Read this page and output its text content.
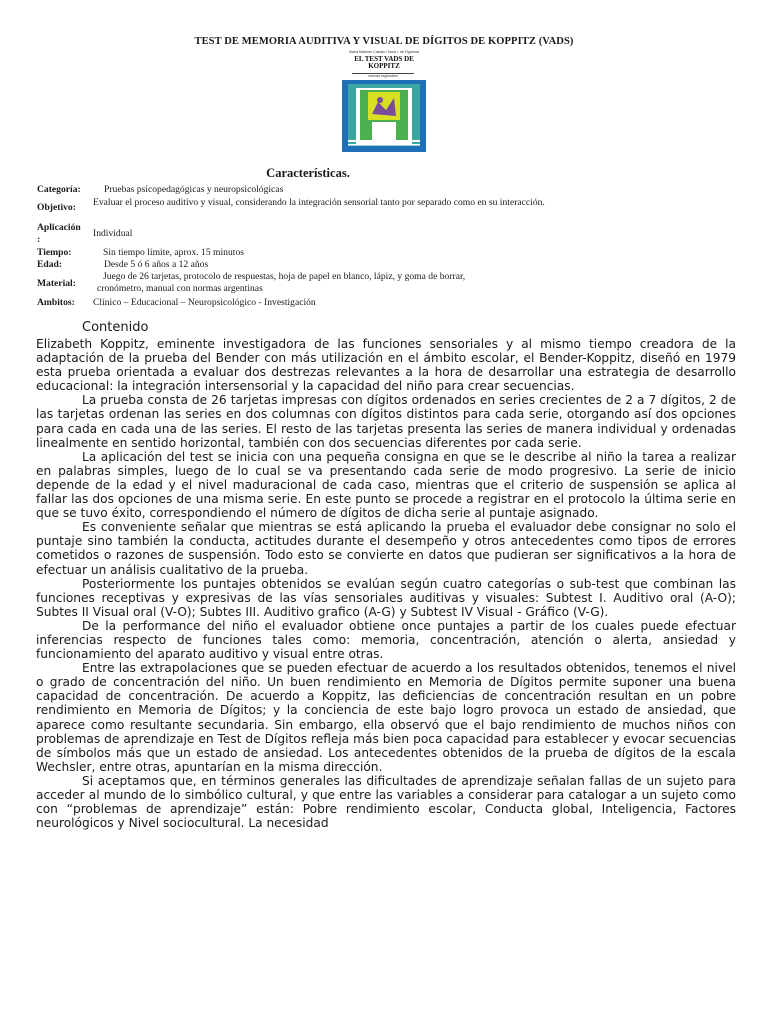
TEST DE MEMORIA AUDITIVA Y VISUAL DE DÍGITOS DE KOPPITZ (VADS)
María Marlene Casullo / Nora I. de Figueroa
EL TEST VADS DE
KOPPITZ
normas regionales
Características.
Categoría: Pruebas psicopedagógicas y neuropsicológicas
Objetivo: Evaluar el proceso auditivo y visual, considerando la integración sensorial tanto por separado como en su interacción.
Aplicación
:
Individual
Tiempo:	Sin tiempo límite, aprox. 15 minutos
Edad:	Desde 5 ó 6 años a 12 años
Material:
Juego de 26 tarjetas, protocolo de respuestas, hoja de papel en blanco, lápiz, y goma de borrar,
cronómetro, manual con normas argentinas
Ambitos: Clínico – Educacional – Neuropsicológico - Investigación
Contenido

Elizabeth Koppitz, eminente investigadora de las funciones sensoriales y al mismo tiempo creadora de la adaptación de la prueba del Bender con más utilización en el ámbito escolar, el Bender-Koppitz, diseñó en 1979 esta prueba orientada a evaluar dos destrezas relevantes a la hora de desarrollar una estrategia de desarrollo educacional: la integración intersensorial y la capacidad del niño para crear secuencias.

La prueba consta de 26 tarjetas impresas con dígitos ordenados en series crecientes de 2 a 7 dígitos, 2 de las tarjetas ordenan las series en dos columnas con dígitos distintos para cada serie, otorgando así dos opciones para cada en cada una de las series. El resto de las tarjetas presenta las series de manera individual y ordenadas linealmente en sentido horizontal, también con dos secuencias diferentes por cada serie.

La aplicación del test se inicia con una pequeña consigna en que se le describe al niño la tarea a realizar en palabras simples, luego de lo cual se va presentando cada serie de modo progresivo. La serie de inicio depende de la edad y el nivel maduracional de cada caso, mientras que el criterio de suspensión se aplica al fallar las dos opciones de una misma serie. En este punto se procede a registrar en el protocolo la última serie en que se tuvo éxito, correspondiendo el número de dígitos de dicha serie al puntaje asignado.

Es conveniente señalar que mientras se está aplicando la prueba el evaluador debe consignar no solo el puntaje sino también la conducta, actitudes durante el desempeño y otros antecedentes como tipos de errores cometidos o razones de suspensión. Todo esto se convierte en datos que pudieran ser significativos a la hora de efectuar un análisis cualitativo de la prueba.

Posteriormente los puntajes obtenidos se evalúan según cuatro categorías o sub-test que combinan las funciones receptivas y expresivas de las vías sensoriales auditivas y visuales: Subtest I. Auditivo oral (A-O); Subtes II Visual oral (V-O); Subtes III. Auditivo grafico (A-G) y Subtest IV Visual - Gráfico (V-G).

De la performance del niño el evaluador obtiene once puntajes a partir de los cuales puede efectuar inferencias respecto de funciones tales como: memoria, concentración, atención o alerta, ansiedad y funcionamiento del aparato auditivo y visual entre otras.

Entre las extrapolaciones que se pueden efectuar de acuerdo a los resultados obtenidos, tenemos el nivel o grado de concentración del niño. Un buen rendimiento en Memoria de Dígitos permite suponer una buena capacidad de concentración. De acuerdo a Koppitz, las deficiencias de concentración resultan en un pobre rendimiento en Memoria de Dígitos; y la conciencia de este bajo logro provoca un estado de ansiedad, que aparece como resultante secundaria. Sin embargo, ella observó que el bajo rendimiento de muchos niños con problemas de aprendizaje en Test de Dígitos refleja más bien poca capacidad para establecer y evocar secuencias de símbolos más que un estado de ansiedad. Los antecedentes obtenidos de la prueba de dígitos de la escala Wechsler, entre otras, apuntarían en la misma dirección.

Si aceptamos que, en términos generales las dificultades de aprendizaje señalan fallas de un sujeto para acceder al mundo de lo simbólico cultural, y que entre las variables a considerar para catalogar a un sujeto como con “problemas de aprendizaje” están: Pobre rendimiento escolar, Conducta global, Inteligencia, Factores neurológicos y Nivel sociocultural. La necesidad
